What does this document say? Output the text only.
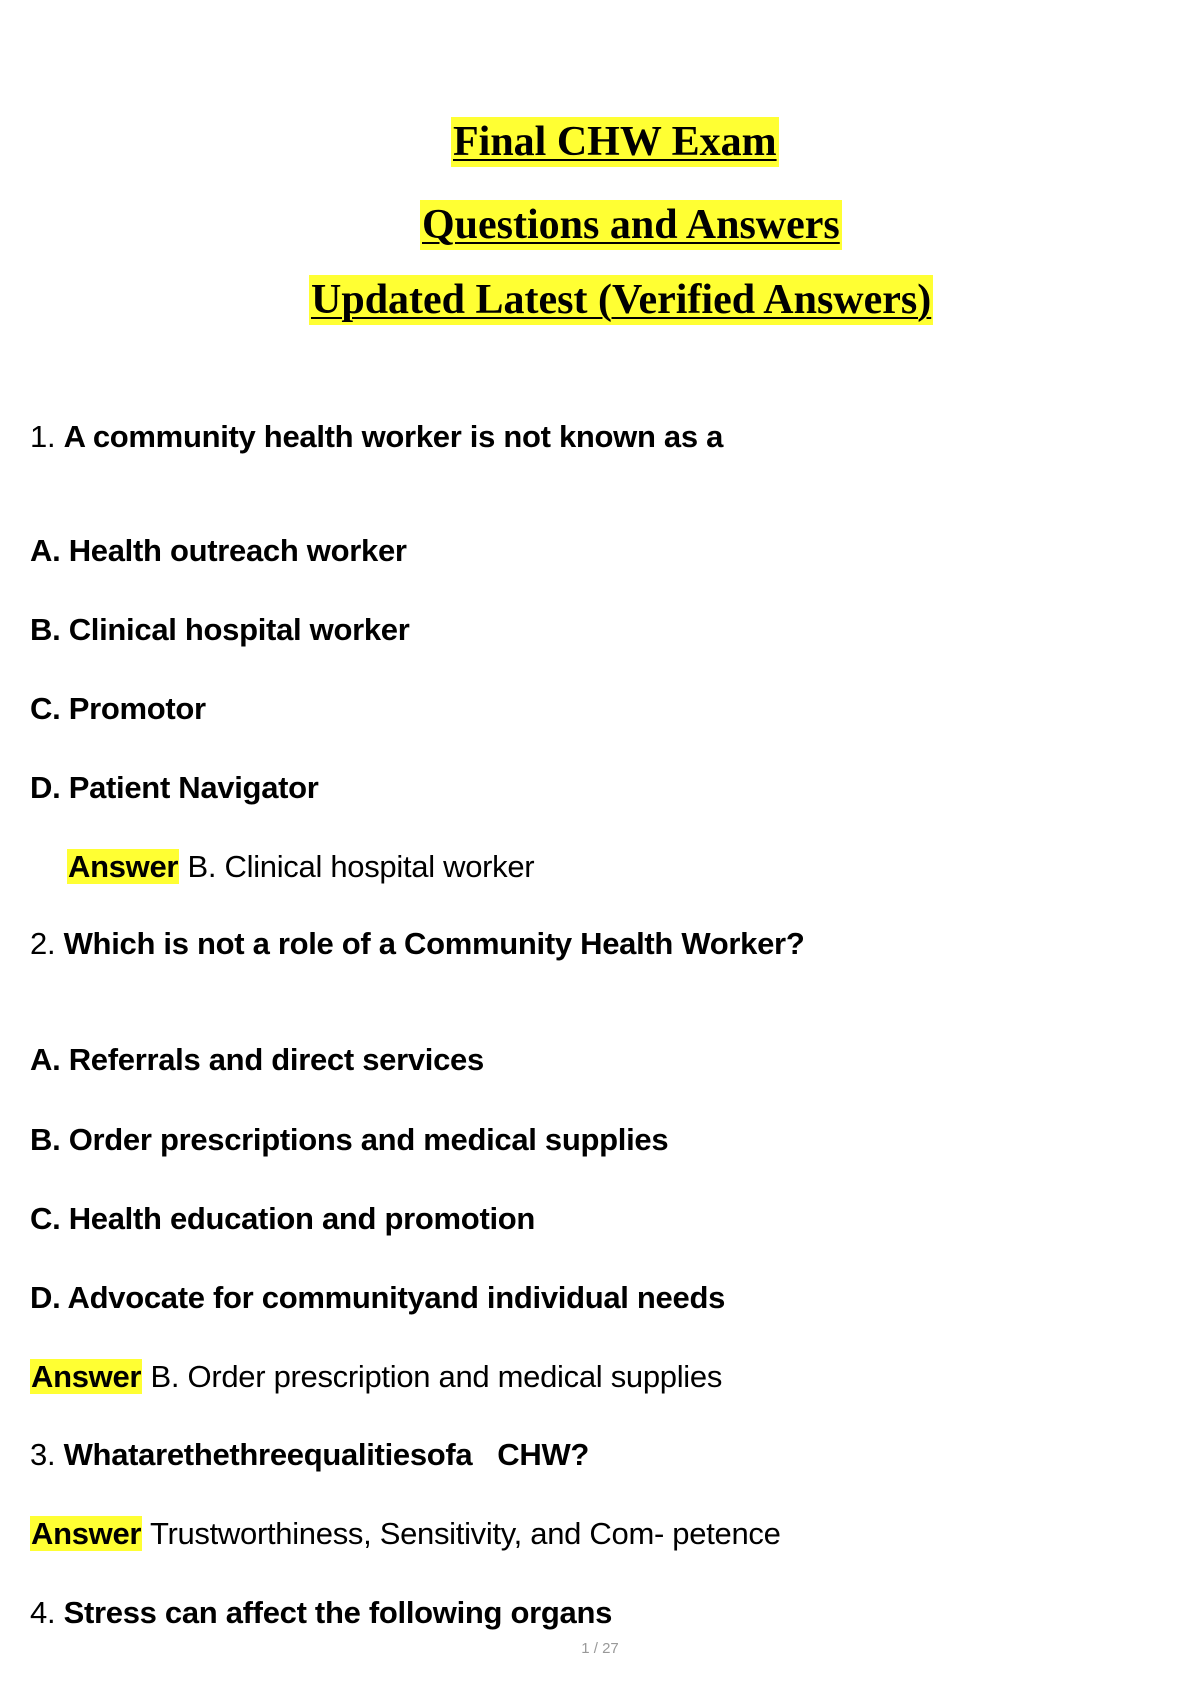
Final CHW Exam
Questions and Answers
Updated Latest (Verified Answers)
1. A community health worker is not known as a
A. Health outreach worker
B. Clinical hospital worker
C. Promotor
D. Patient Navigator
Answer B. Clinical hospital worker
2. Which is not a role of a Community Health Worker?
A. Referrals and direct services
B. Order prescriptions and medical supplies
C. Health education and promotion
D. Advocate for communityand individual needs
Answer B. Order prescription and medical supplies
3. Whatarethethreequalitiesofa   CHW?
Answer Trustworthiness, Sensitivity, and Com- petence
4. Stress can affect the following organs
1 / 27
